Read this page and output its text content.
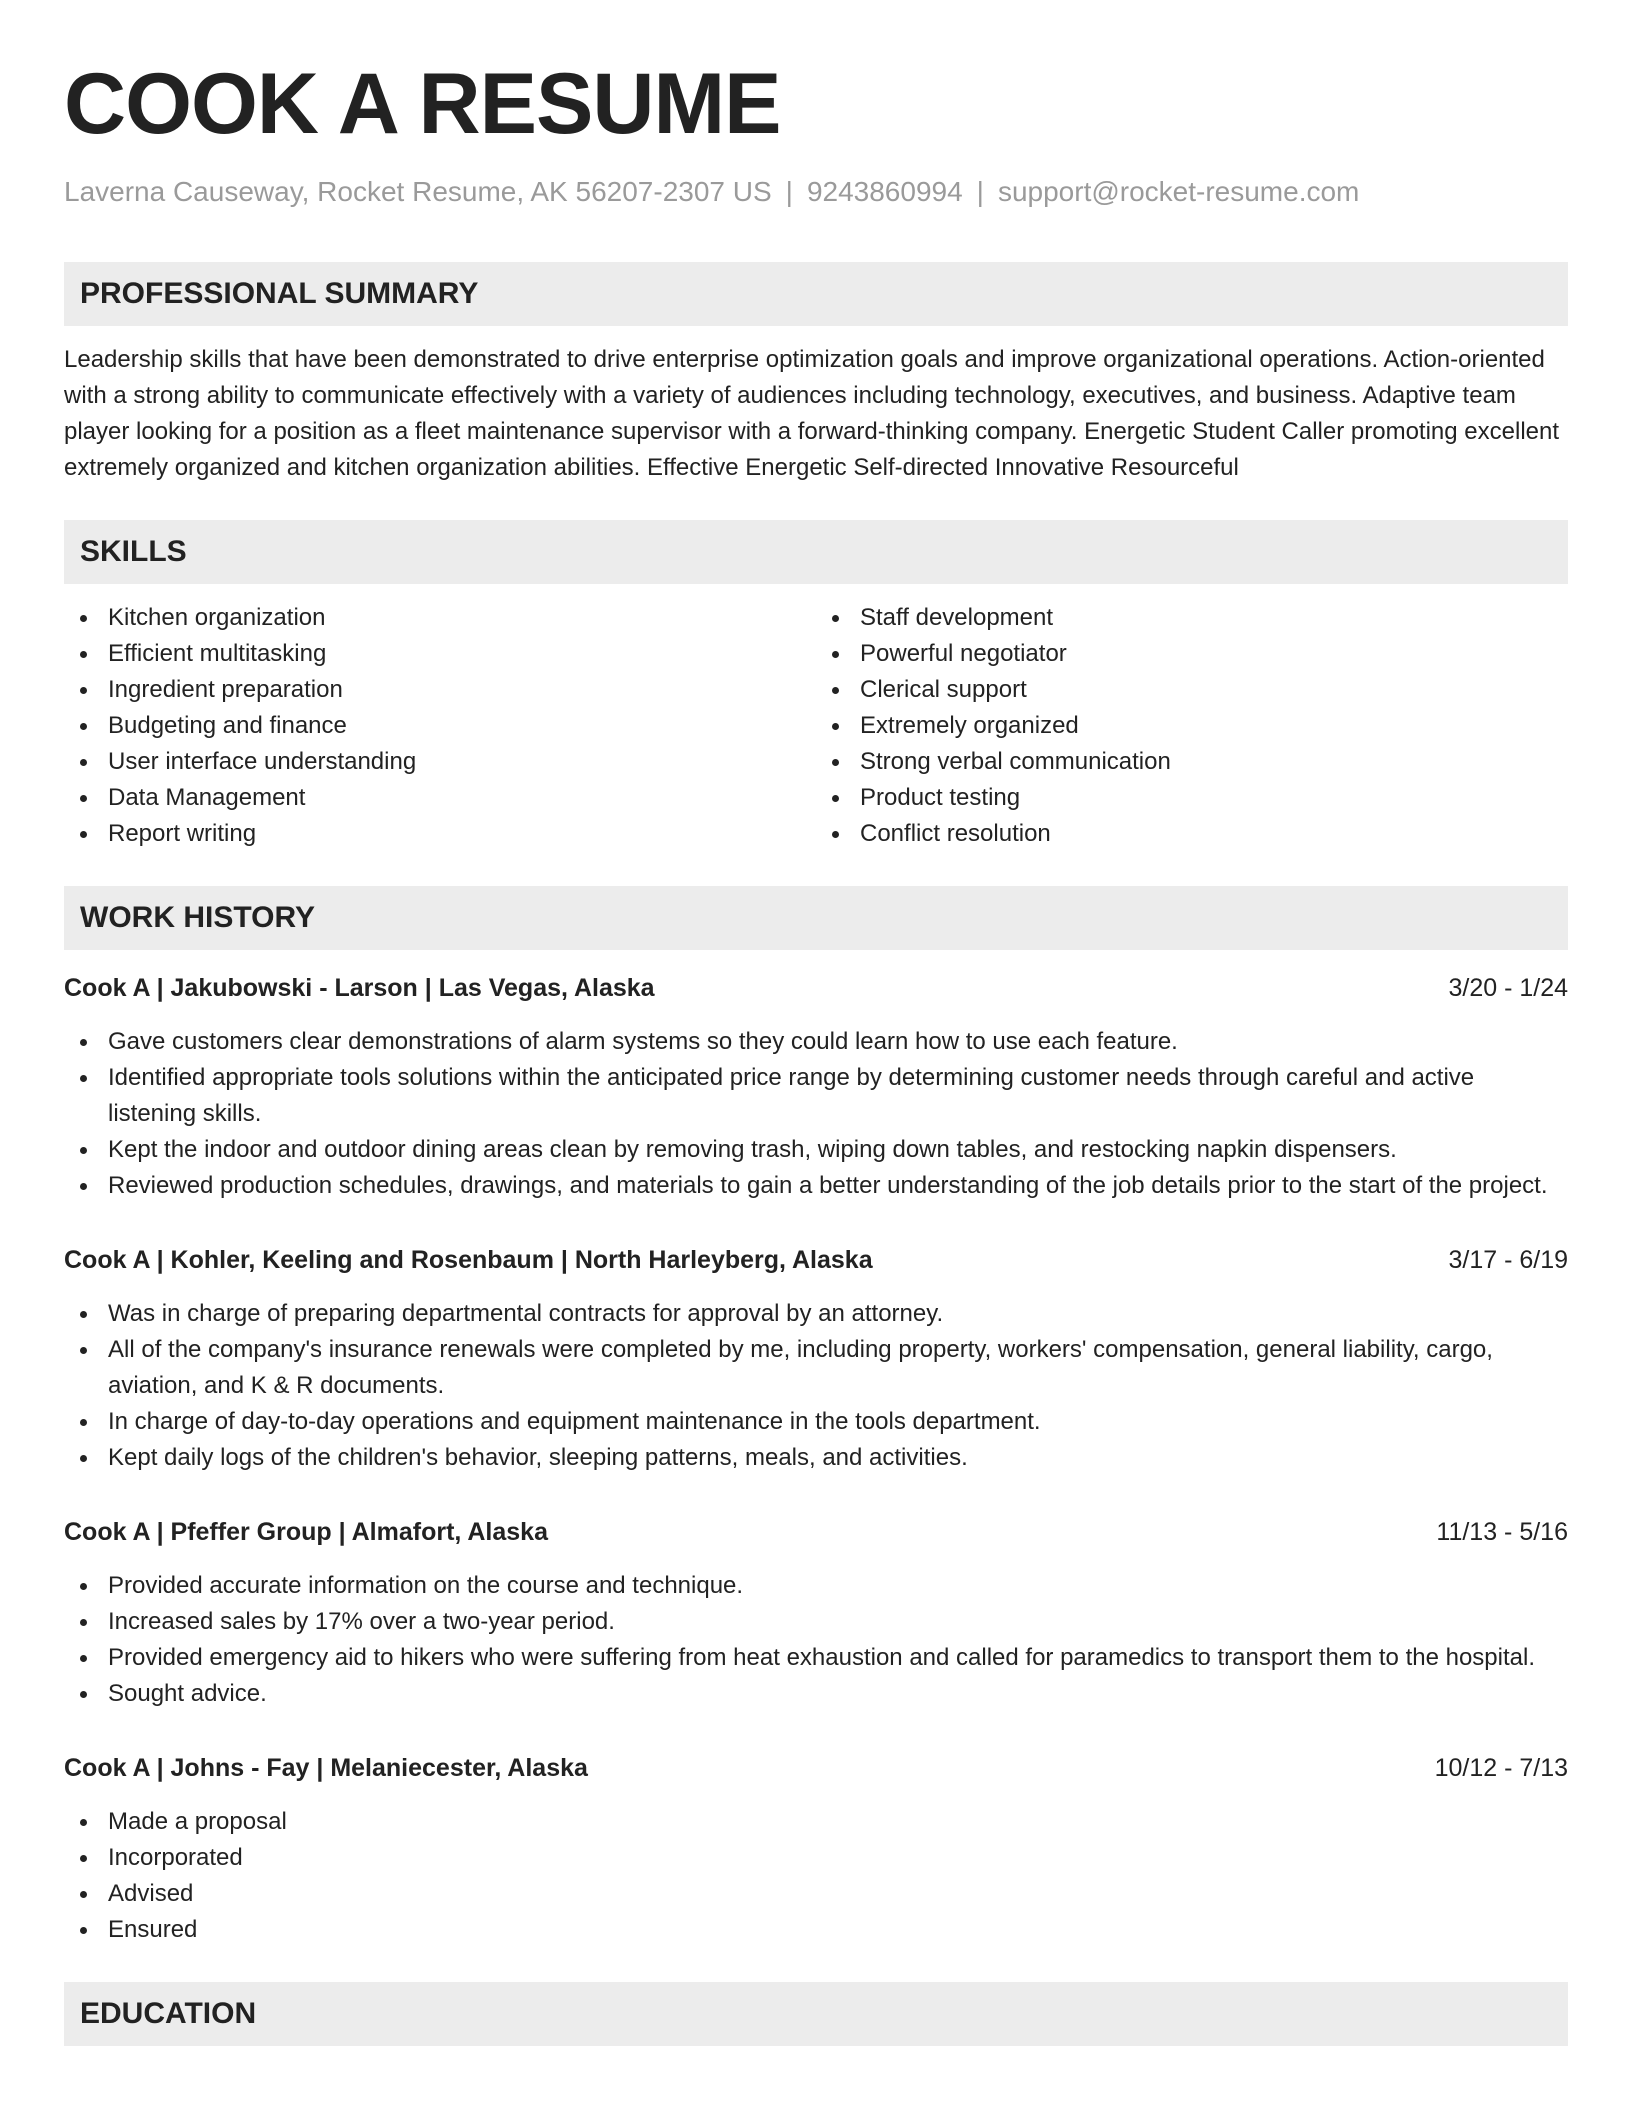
COOK A RESUME
Laverna Causeway, Rocket Resume, AK 56207-2307 US | 9243860994 | support@rocket-resume.com
PROFESSIONAL SUMMARY

Leadership skills that have been demonstrated to drive enterprise optimization goals and improve organizational operations. Action-oriented with a strong ability to communicate effectively with a variety of audiences including technology, executives, and business. Adaptive team player looking for a position as a fleet maintenance supervisor with a forward-thinking company. Energetic Student Caller promoting excellent extremely organized and kitchen organization abilities. Effective Energetic Self-directed Innovative Resourceful

SKILLS
Kitchen organization
Efficient multitasking
Ingredient preparation
Budgeting and finance
User interface understanding
Data Management
Report writing
Staff development
Powerful negotiator
Clerical support
Extremely organized
Strong verbal communication
Product testing
Conflict resolution
WORK HISTORY
Cook A | Jakubowski - Larson | Las Vegas, Alaska	3/20 - 1/24
Gave customers clear demonstrations of alarm systems so they could learn how to use each feature.
Identified appropriate tools solutions within the anticipated price range by determining customer needs through careful and active listening skills.
Kept the indoor and outdoor dining areas clean by removing trash, wiping down tables, and restocking napkin dispensers.
Reviewed production schedules, drawings, and materials to gain a better understanding of the job details prior to the start of the project.
Cook A | Kohler, Keeling and Rosenbaum | North Harleyberg, Alaska	3/17 - 6/19
Was in charge of preparing departmental contracts for approval by an attorney.
All of the company's insurance renewals were completed by me, including property, workers' compensation, general liability, cargo, aviation, and K & R documents.
In charge of day-to-day operations and equipment maintenance in the tools department.
Kept daily logs of the children's behavior, sleeping patterns, meals, and activities.
Cook A | Pfeffer Group | Almafort, Alaska	11/13 - 5/16
Provided accurate information on the course and technique.
Increased sales by 17% over a two-year period.
Provided emergency aid to hikers who were suffering from heat exhaustion and called for paramedics to transport them to the hospital.
Sought advice.
Cook A | Johns - Fay | Melaniecester, Alaska	10/12 - 7/13
Made a proposal
Incorporated
Advised
Ensured
EDUCATION
